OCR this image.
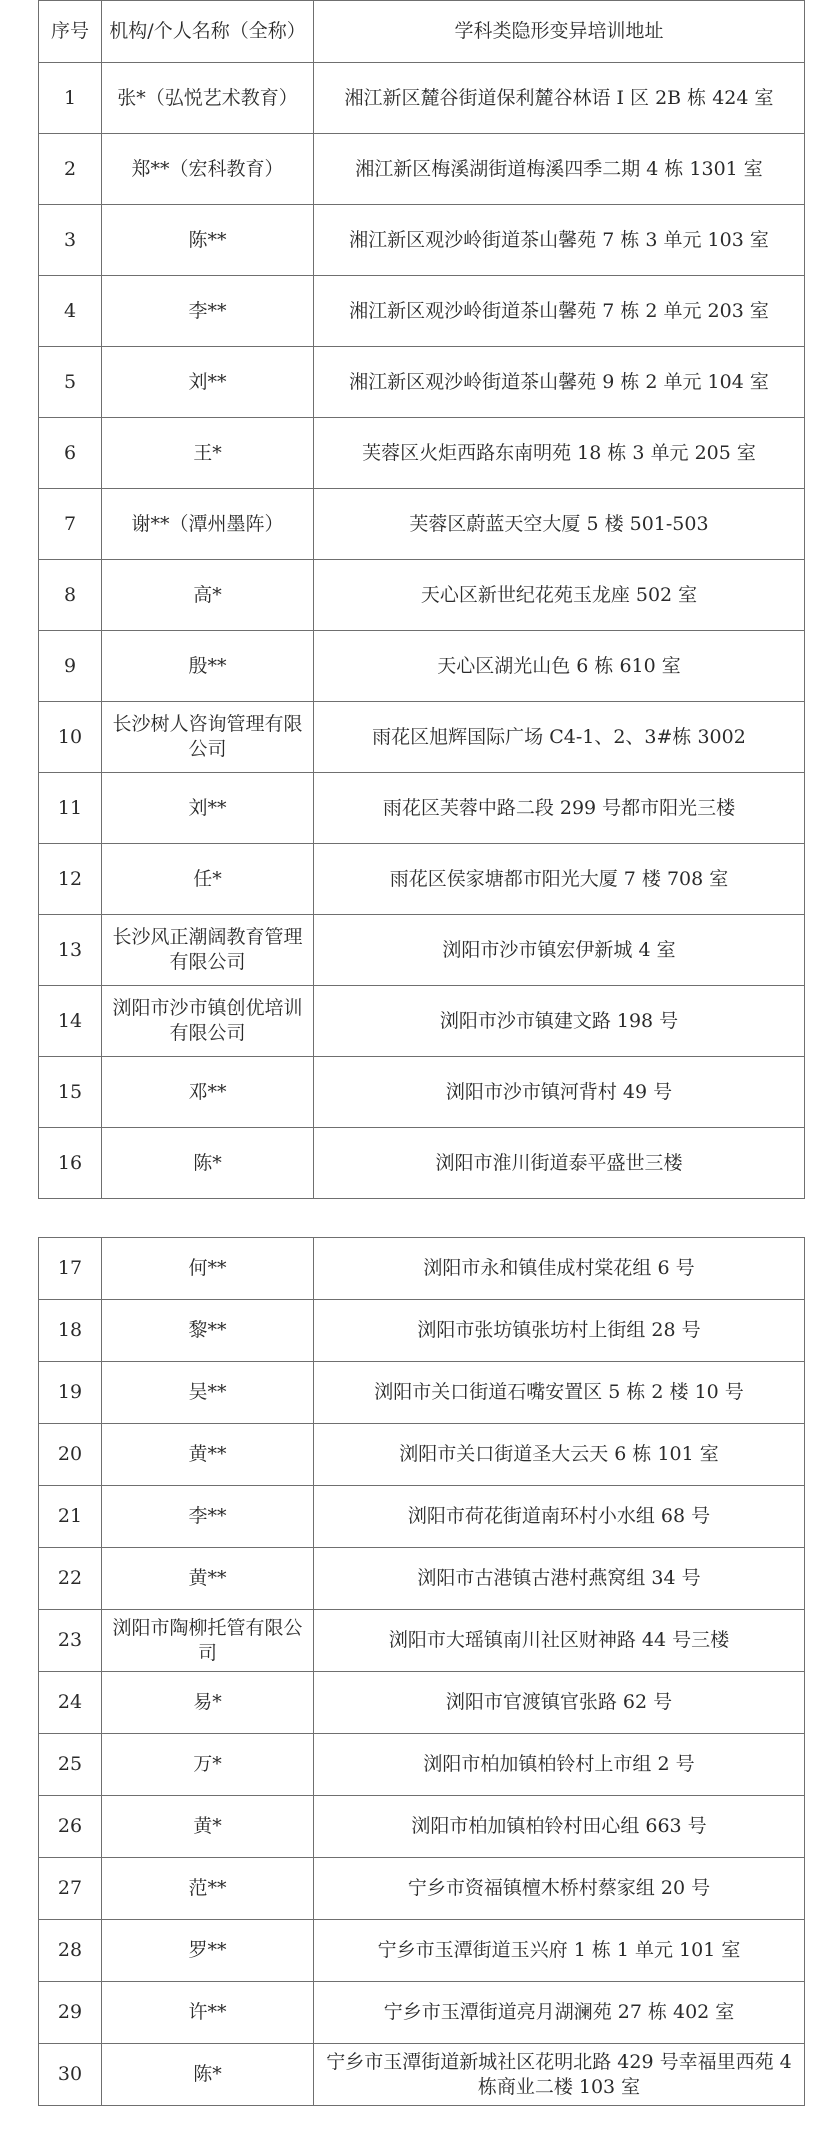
序号	机构/个人名称（全称）	学科类隐形变异培训地址
1	张*（弘悦艺术教育）	湘江新区麓谷街道保利麓谷林语 I 区 2B 栋 424 室
2	郑**（宏科教育）	湘江新区梅溪湖街道梅溪四季二期 4 栋 1301 室
3	陈**	湘江新区观沙岭街道茶山馨苑 7 栋 3 单元 103 室
4	李**	湘江新区观沙岭街道茶山馨苑 7 栋 2 单元 203 室
5	刘**	湘江新区观沙岭街道茶山馨苑 9 栋 2 单元 104 室
6	王*	芙蓉区火炬西路东南明苑 18 栋 3 单元 205 室
7	谢**（潭州墨阵）	芙蓉区蔚蓝天空大厦 5 楼 501-503
8	高*	天心区新世纪花苑玉龙座 502 室
9	殷**	天心区湖光山色 6 栋 610 室
10	长沙树人咨询管理有限公司	雨花区旭辉国际广场 C4-1、2、3#栋 3002
11	刘**	雨花区芙蓉中路二段 299 号都市阳光三楼
12	任*	雨花区侯家塘都市阳光大厦 7 楼 708 室
13	长沙风正潮阔教育管理有限公司	浏阳市沙市镇宏伊新城 4 室
14	浏阳市沙市镇创优培训有限公司	浏阳市沙市镇建文路 198 号
15	邓**	浏阳市沙市镇河背村 49 号
16	陈*	浏阳市淮川街道泰平盛世三楼
17	何**	浏阳市永和镇佳成村棠花组 6 号
18	黎**	浏阳市张坊镇张坊村上街组 28 号
19	吴**	浏阳市关口街道石嘴安置区 5 栋 2 楼 10 号
20	黄**	浏阳市关口街道圣大云天 6 栋 101 室
21	李**	浏阳市荷花街道南环村小水组 68 号
22	黄**	浏阳市古港镇古港村燕窝组 34 号
23	浏阳市陶柳托管有限公司	浏阳市大瑶镇南川社区财神路 44 号三楼
24	易*	浏阳市官渡镇官张路 62 号
25	万*	浏阳市柏加镇柏铃村上市组 2 号
26	黄*	浏阳市柏加镇柏铃村田心组 663 号
27	范**	宁乡市资福镇檀木桥村蔡家组 20 号
28	罗**	宁乡市玉潭街道玉兴府 1 栋 1 单元 101 室
29	许**	宁乡市玉潭街道亮月湖澜苑 27 栋 402 室
30	陈*	宁乡市玉潭街道新城社区花明北路 429 号幸福里西苑 4 栋商业二楼 103 室
